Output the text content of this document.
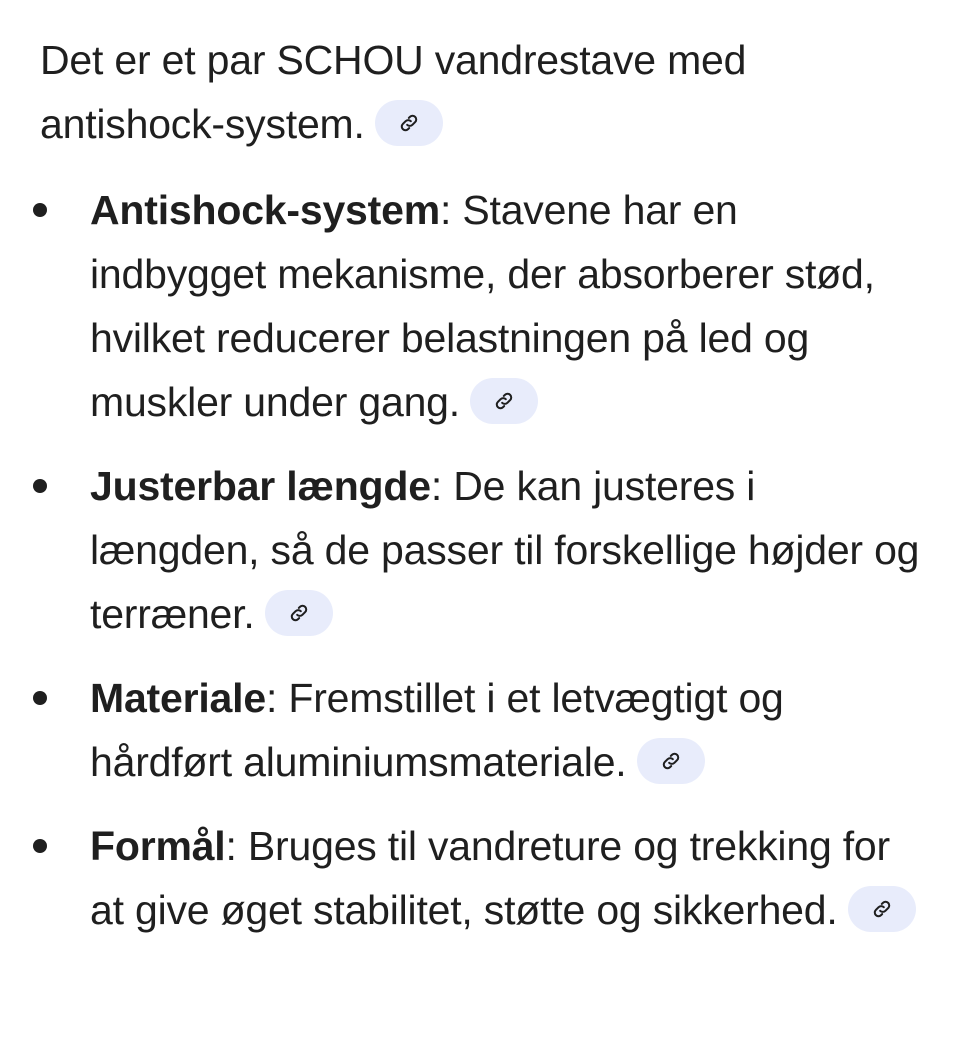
Det er et par SCHOU vandrestave med antishock-system.

Antishock-system: Stavene har en indbygget mekanisme, der absorberer stød, hvilket reducerer belastningen på led og muskler under gang.
Justerbar længde: De kan justeres i længden, så de passer til forskellige højder og terræner.
Materiale: Fremstillet i et letvægtigt og hårdført aluminiumsmateriale.
Formål: Bruges til vandreture og trekking for at give øget stabilitet, støtte og sikkerhed.
